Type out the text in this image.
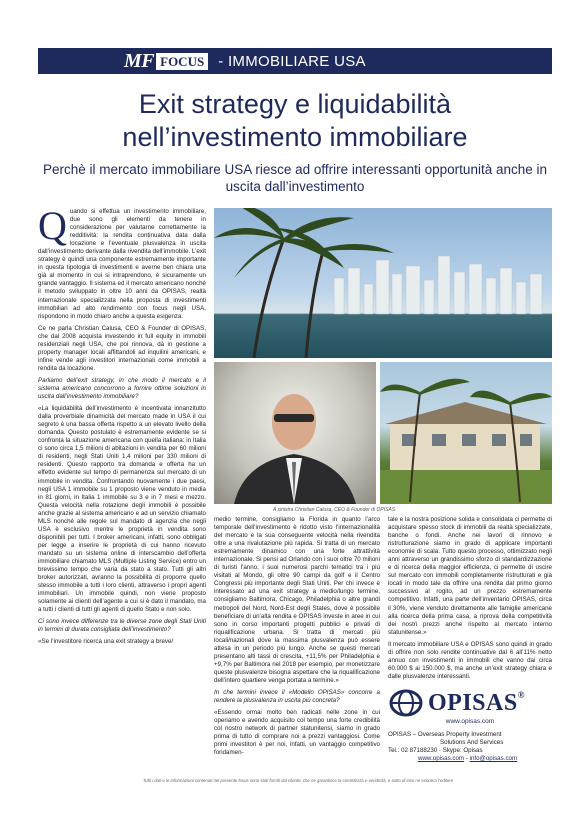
MF FOCUS - IMMOBILIARE USA
Exit strategy e liquidabilità
nell’investimento immobiliare
Perchè il mercato immobiliare USA riesce ad offrire interessanti opportunità anche in uscita dall’investimento

Quando si effettua un investimento immobiliare, due sono gli elementi da tenere in considerazione per valutarne correttamente la redditività: la rendita continuativa data dalla locazione e l’eventuale plusvalenza in uscita dall’investimento derivante dalla rivendita dell’immobile. L’exit strategy è quindi una componente estremamente importante in questa tipologia di investimenti e averne ben chiara una già al momento in cui si intraprendono, è sicuramente un grande vantaggio. Il sistema ed il mercato americano nonché il metodo sviluppato in oltre 10 anni da OPISAS, realtà internazionale specializzata nella proposta di investimenti immobiliari ad alto rendimento con focus negli USA, rispondono in modo chiaro anche a questa esigenza.

Ce ne parla Christian Calusa, CEO & Founder di OPISAS, che dal 2008 acquista investendo in full equity in immobili residenziali negli USA, che poi rinnova, dà in gestione a property manager locali affittandoli ad inquilini americani, e infine vende agli investitori internazionali come immobili a rendita da locazione.

Parliamo dell’exit strategy, in che modo il mercato e il sistema americano concorrono a fornire ottime soluzioni in uscita dall’investimento immobiliare?

«La liquidabilità dell’investimento è incentivata innanzitutto dalla proverbiale dinamicità del mercato made in USA il cui segreto è una bassa offerta rispetto a un elevato livello della domanda. Questo postulato è estremamente evidente se si confronta la situazione americana con quella italiana: in Italia ci sono circa 1,5 milioni di abitazioni in vendita per 60 milioni di residenti, negli Stati Uniti 1,4 milioni per 330 milioni di residenti. Questo rapporto tra domanda e offerta ha un effetto evidente sul tempo di permanenza sul mercato di un immobile in vendita. Confrontando nuovamente i due paesi, negli USA 1 immobile su 1 proposto viene venduto in media in 81 giorni, in Italia 1 immobile su 3 e in 7 mesi e mezzo. Questa velocità nella rotazione degli immobili è possibile anche grazie al sistema americano e ad un servizio chiamato MLS nonché alle regole sul mandato di agenzia che negli USA è esclusivo mentre le proprietà in vendita sono disponibili per tutti. I broker americani, infatti, sono obbligati per legge a inserire le proprietà di cui hanno ricevuto mandato su un sistema online di interscambio dell’offerta immobiliare chiamato MLS (Multiple Listing Service) entro un brevissimo tempo che varia da stato a stato. Tutti gli altri broker autorizzati, avranno la possibilità di proporre quello stesso immobile a tutti i loro clienti, attraverso i propri agenti immobiliari. Un immobile quindi, non viene proposto solamente ai clienti dell’agente a cui si è dato il mandato, ma a tutti i clienti di tutti gli agenti di quello Stato e non solo.

Ci sono invece differenze tra le diverse zone degli Stati Uniti in termini di durata consigliata dell’investimento?

«Se l’investitore ricerca una exit strategy a breve/

A sinistra Christian Calusa, CEO & Founder di OPISAS

medio termine, consigliamo la Florida in quanto l’arco temporale dell’investimento è ridotto visto l’internazionalità del mercato e la sua conseguente velocità nella rivendita oltre a una rivalutazione più rapida. Si tratta di un mercato estremamente dinamico con una forte attrattività internazionale. Si pensi ad Orlando con i suoi oltre 70 milioni di turisti l’anno, i suoi numerosi parchi tematici tra i più visitati al Mondo, gli oltre 90 campi da golf e il Centro Congressi più importante degli Stati Uniti. Per chi invece è interessato ad una exit strategy a medio/lungo termine, consigliamo Baltimora, Chicago, Philadelphia o altre grandi metropoli del Nord, Nord-Est degli States, dove è possibile beneficiare di un’alta rendita e OPISAS investe in aree in cui sono in corso importanti progetti pubblici e privati di riqualificazione urbana. Si tratta di mercati più locali/nazionali dove la massima plusvalenza può essere attesa in un periodo più lungo. Anche se questi mercati presentano alti tassi di crescita, +11,5% per Philadelphia e +9,7% per Baltimora nel 2018 per esempio, per monetizzare queste plusvalenze bisogna aspettare che la riqualificazione dell’intero quartiere venga portata a termine.»

In che termini invece il «Modello OPISAS» concorre a rendere la plusvalenza in uscita più concreta?

«Essendo ormai molto ben radicati nelle zone in cui operiamo e avendo acquisito col tempo una forte credibilità col nostro network di partner statunitensi, siamo in grado prima di tutto di comprare noi a prezzi vantaggiosi. Come primi investitori è per noi, infatti, un vantaggio competitivo fondamen-

tale e la nostra posizione solida e consolidata ci permette di acquistare spesso stock di immobili da realtà specializzate, banche o fondi. Anche nei lavori di rinnovo e ristrutturazione siamo in grado di applicare importanti economie di scala. Tutto questo processo, ottimizzato negli anni attraverso un grandissimo sforzo di standardizzazione e di ricerca della maggior efficienza, ci permette di uscire sul mercato con immobili completamente ristrutturati e già locati in modo tale da offrire una rendita dal primo giorno successivo al rogito, ad un prezzo estremamente competitivo. Infatti, una parte dell’inventario OPISAS, circa il 30%, viene venduto direttamente alle famiglie americane alla ricerca della prima casa, a riprova della competitività dei nostri prezzi anche rispetto al mercato interno statunitense.»

Il mercato immobiliare USA e OPISAS sono quindi in grado di offrire non solo rendite continuative dal 6 all’11% netto annuo con investimenti in immobili che vanno dai circa 60.000 $ ai 150.000 $, ma anche un’exit strategy chiara e dalle plusvalenze interessanti.

OPISAS®
www.opisas.com
OPISAS – Overseas Property Investment
Solutions And Services
Tel.: 02 87188230 · Skype: Opisas
www.opisas.com - info@opisas.com
Tutti i dati e le informazioni contenuti nel presente focus sono stati forniti dal cliente, che ne garantisce la correttezza e veridicità, e sotto di essi ne esonera l’editore
